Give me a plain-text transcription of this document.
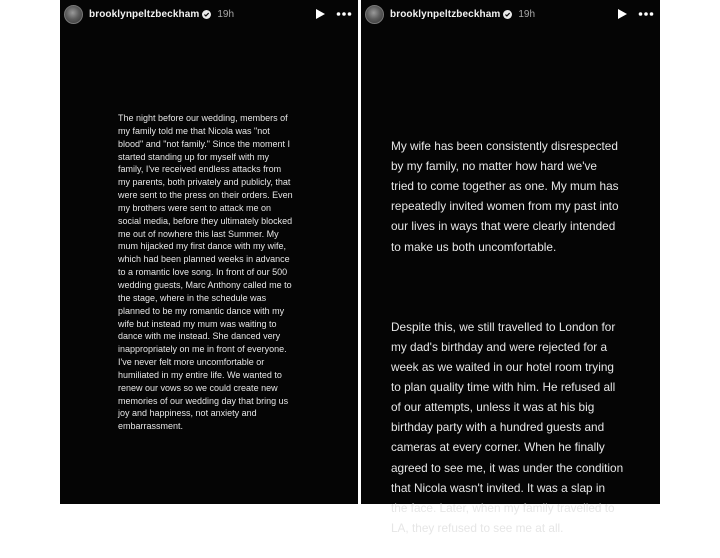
brooklynpeltzbeckham 19h
The night before our wedding, members of
my family told me that Nicola was "not
blood" and "not family." Since the moment I
started standing up for myself with my
family, I've received endless attacks from
my parents, both privately and publicly, that
were sent to the press on their orders. Even
my brothers were sent to attack me on
social media, before they ultimately blocked
me out of nowhere this last Summer. My
mum hijacked my first dance with my wife,
which had been planned weeks in advance
to a romantic love song. In front of our 500
wedding guests, Marc Anthony called me to
the stage, where in the schedule was
planned to be my romantic dance with my
wife but instead my mum was waiting to
dance with me instead. She danced very
inappropriately on me in front of everyone.
I've never felt more uncomfortable or
humiliated in my entire life. We wanted to
renew our vows so we could create new
memories of our wedding day that bring us
joy and happiness, not anxiety and
embarrassment.
brooklynpeltzbeckham 19h

My wife has been consistently disrespected
by my family, no matter how hard we've
tried to come together as one. My mum has
repeatedly invited women from my past into
our lives in ways that were clearly intended
to make us both uncomfortable.

Despite this, we still travelled to London for
my dad's birthday and were rejected for a
week as we waited in our hotel room trying
to plan quality time with him. He refused all
of our attempts, unless it was at his big
birthday party with a hundred guests and
cameras at every corner. When he finally
agreed to see me, it was under the condition
that Nicola wasn't invited. It was a slap in
the face. Later, when my family travelled to
LA, they refused to see me at all.
